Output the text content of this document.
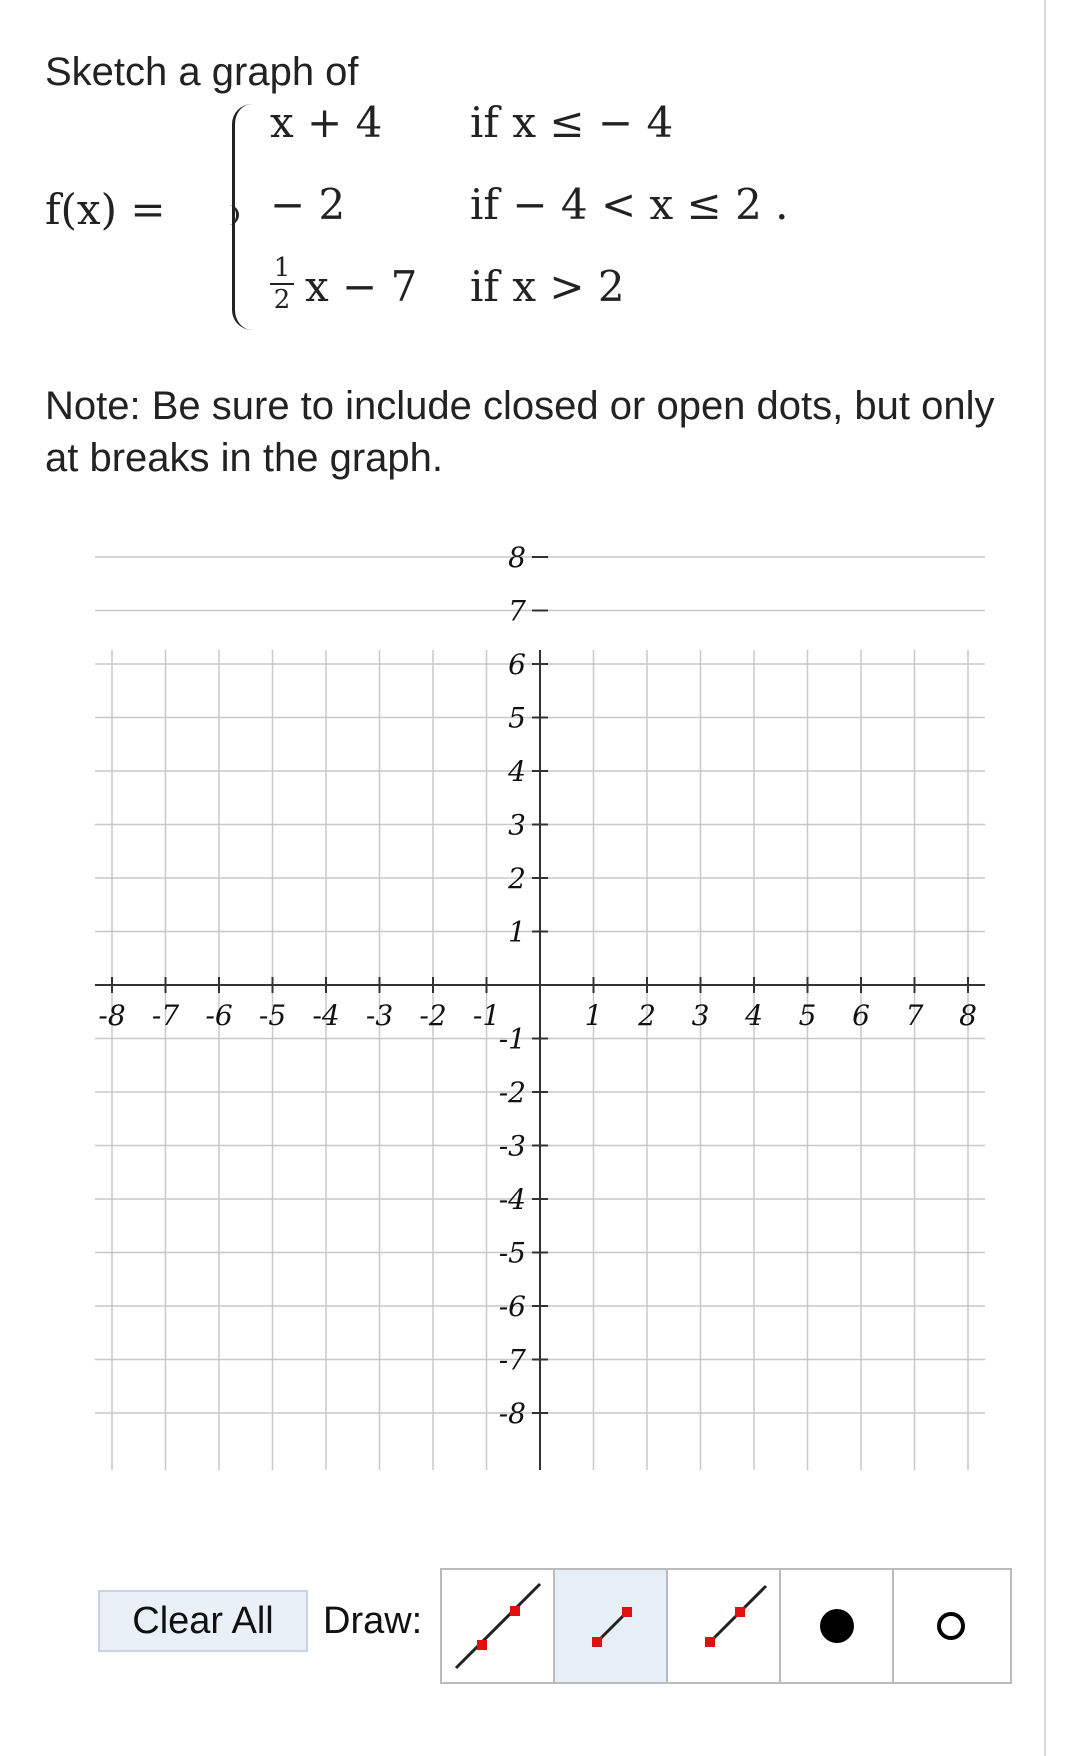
Sketch a graph of
f(x) =
x + 4 if x ≤ − 4
− 2	if − 4 < x ≤ 2 .
1
2 x − 7 if x > 2
Note: Be sure to include closed or open dots, but only at breaks in the graph.
-8 -7 -6 -5 -4 -3 -2 -1	1 2 3 4 5 6 7 8
8
7
6
5
4
3
2
1
-1
-2
-3
-4
-5
-6
-7
-8
Clear All	Draw:
